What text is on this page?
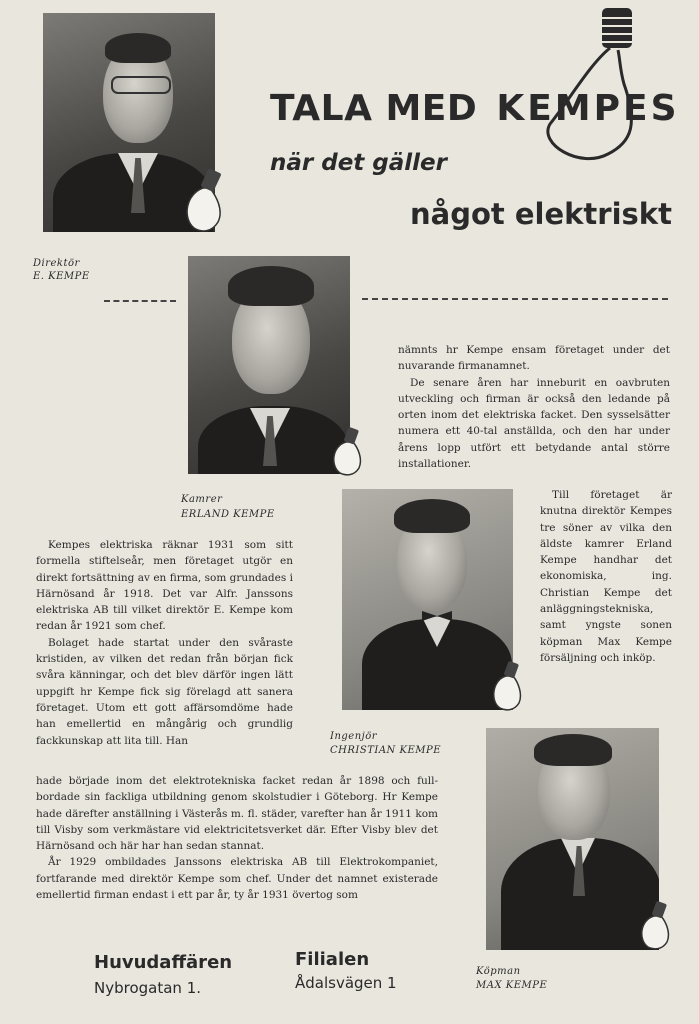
TALA MED KEMPES
när det gäller
något elektriskt
Direktör
E. KEMPE
Kamrer
ERLAND KEMPE

nämnts hr Kempe ensam företaget under det nuvarande firmanamnet.

De senare åren har inneburit en oavbruten utveckling och firman är också den ledande på orten inom det elektriska facket. Den sysselsätter numera ett 40-tal anställda, och den har under årens lopp utfört ett betydande antal större installationer.

Till företaget är knutna direktör Kempes tre söner av vilka den äldste kamrer Erland Kempe handhar det ekonomiska, ing. Christian Kempe det anläggningstekniska, samt yngste sonen köpman Max Kempe försäljning och inköp.

Ingenjör
CHRISTIAN KEMPE

Kempes elektriska räknar 1931 som sitt formella stiftelseår, men företaget utgör en direkt fortsättning av en firma, som grundades i Härnösand år 1918. Det var Alfr. Janssons elektriska AB till vilket direktör E. Kempe kom redan år 1921 som chef.

Bolaget hade startat under den svåraste kristiden, av vilken det redan från början fick svåra känningar, och det blev därför ingen lätt uppgift hr Kempe fick sig förelagd att sanera företaget. Utom ett gott affärsomdöme hade han emellertid en mångårig och grundlig fackkunskap att lita till. Han

hade började inom det elektrotekniska facket redan år 1898 och fullbordade sin fackliga utbildning genom skolstudier i Göteborg. Hr Kempe hade därefter anställning i Västerås m. fl. städer, varefter han år 1911 kom till Visby som verkmästare vid elektricitetsverket där. Efter Visby blev det Härnösand och här har han sedan stannat.

År 1929 ombildades Janssons elektriska AB till Elektrokompaniet, fortfarande med direktör Kempe som chef. Under det namnet existerade emellertid firman endast i ett par år, ty år 1931 övertog som

Huvudaffären
Nybrogatan 1.
Filialen
Ådalsvägen 1
Köpman
MAX KEMPE
